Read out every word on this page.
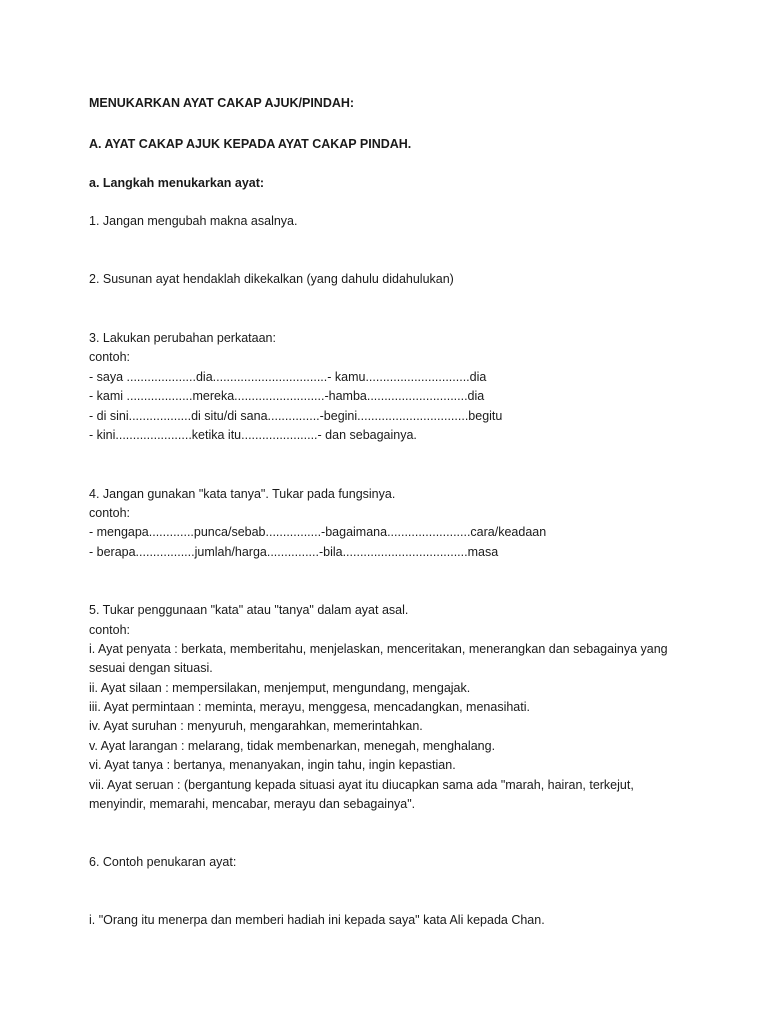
MENUKARKAN AYAT CAKAP AJUK/PINDAH:
A. AYAT CAKAP AJUK KEPADA AYAT CAKAP PINDAH.
a. Langkah menukarkan ayat:
1. Jangan mengubah makna asalnya.
2. Susunan ayat hendaklah dikekalkan (yang dahulu didahulukan)
3. Lakukan perubahan perkataan:
contoh:
- saya ....................dia.................................- kamu..............................dia
- kami ...................mereka..........................-hamba.............................dia
- di sini..................di situ/di sana...............-begini................................begitu
- kini......................ketika itu......................- dan sebagainya.
4. Jangan gunakan "kata tanya". Tukar pada fungsinya.
contoh:
- mengapa.............punca/sebab................-bagaimana........................cara/keadaan
- berapa.................jumlah/harga...............-bila....................................masa
5. Tukar penggunaan "kata" atau "tanya" dalam ayat asal.
contoh:
i. Ayat penyata : berkata, memberitahu, menjelaskan, menceritakan, menerangkan dan sebagainya yang
sesuai dengan situasi.
ii. Ayat silaan : mempersilakan, menjemput, mengundang, mengajak.
iii. Ayat permintaan : meminta, merayu, menggesa, mencadangkan, menasihati.
iv. Ayat suruhan : menyuruh, mengarahkan, memerintahkan.
v. Ayat larangan : melarang, tidak membenarkan, menegah, menghalang.
vi. Ayat tanya : bertanya, menanyakan, ingin tahu, ingin kepastian.
vii. Ayat seruan : (bergantung kepada situasi ayat itu diucapkan sama ada "marah, hairan, terkejut,
menyindir, memarahi, mencabar, merayu dan sebagainya".
6. Contoh penukaran ayat:
i. "Orang itu menerpa dan memberi hadiah ini kepada saya" kata Ali kepada Chan.
